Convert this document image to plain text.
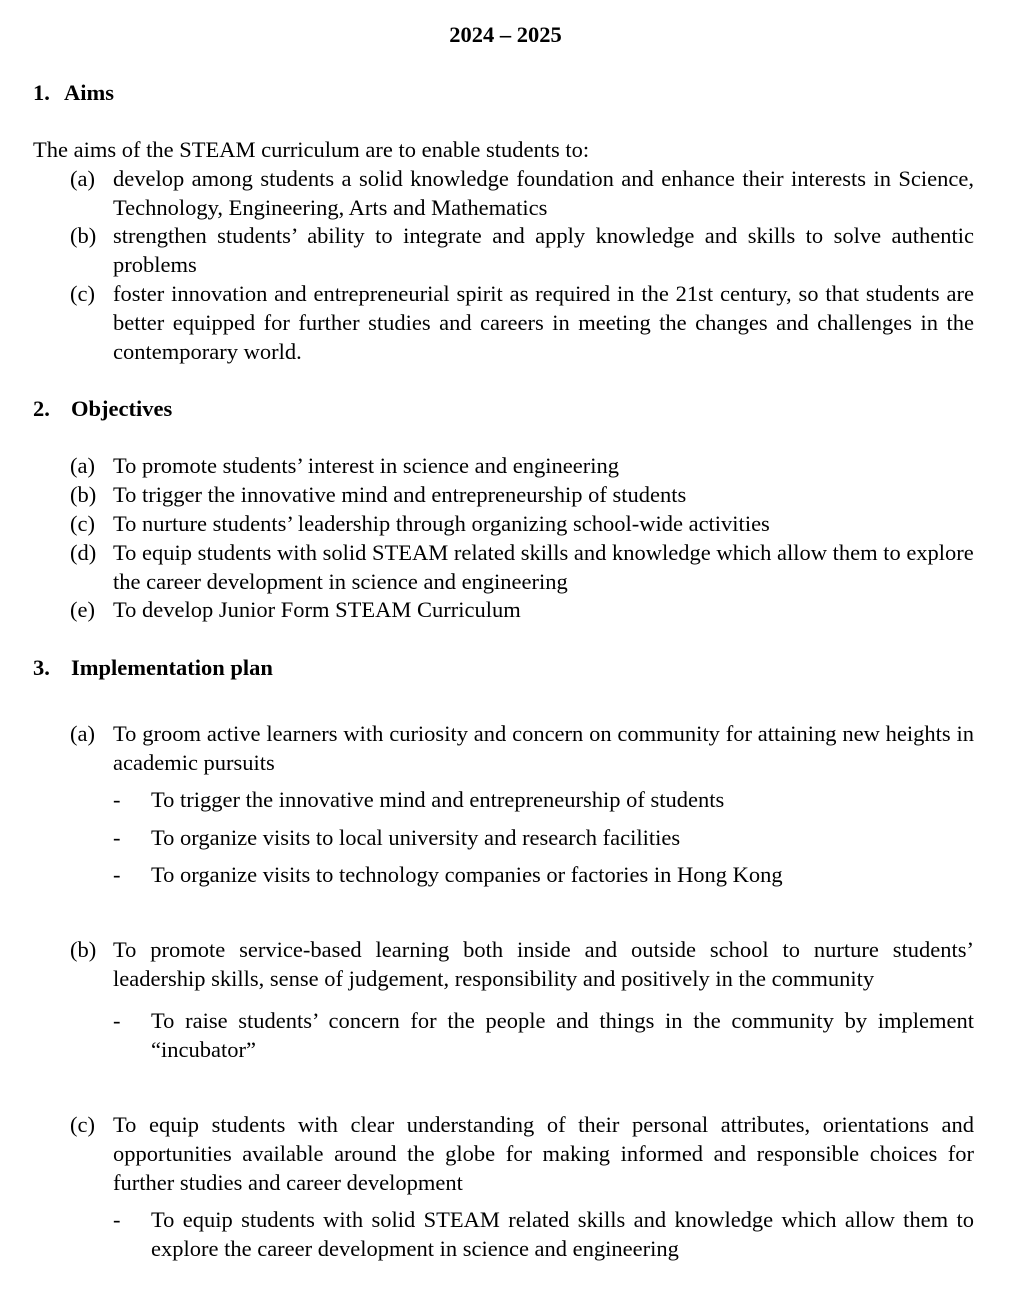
2024 – 2025
1. Aims
The aims of the STEAM curriculum are to enable students to:
(a) develop among students a solid knowledge foundation and enhance their interests in Science, Technology, Engineering, Arts and Mathematics
(b) strengthen students’ ability to integrate and apply knowledge and skills to solve authentic problems
(c) foster innovation and entrepreneurial spirit as required in the 21st century, so that students are better equipped for further studies and careers in meeting the changes and challenges in the contemporary world.
2. Objectives
(a) To promote students’ interest in science and engineering
(b) To trigger the innovative mind and entrepreneurship of students
(c) To nurture students’ leadership through organizing school-wide activities
(d) To equip students with solid STEAM related skills and knowledge which allow them to explore the career development in science and engineering
(e) To develop Junior Form STEAM Curriculum
3. Implementation plan
(a) To groom active learners with curiosity and concern on community for attaining new heights in academic pursuits
-	To trigger the innovative mind and entrepreneurship of students
-	To organize visits to local university and research facilities
-	To organize visits to technology companies or factories in Hong Kong
(b) To promote service-based learning both inside and outside school to nurture students’ leadership skills, sense of judgement, responsibility and positively in the community
-	To raise students’ concern for the people and things in the community by implement “incubator”
(c) To equip students with clear understanding of their personal attributes, orientations and opportunities available around the globe for making informed and responsible choices for further studies and career development
-	To equip students with solid STEAM related skills and knowledge which allow them to explore the career development in science and engineering
